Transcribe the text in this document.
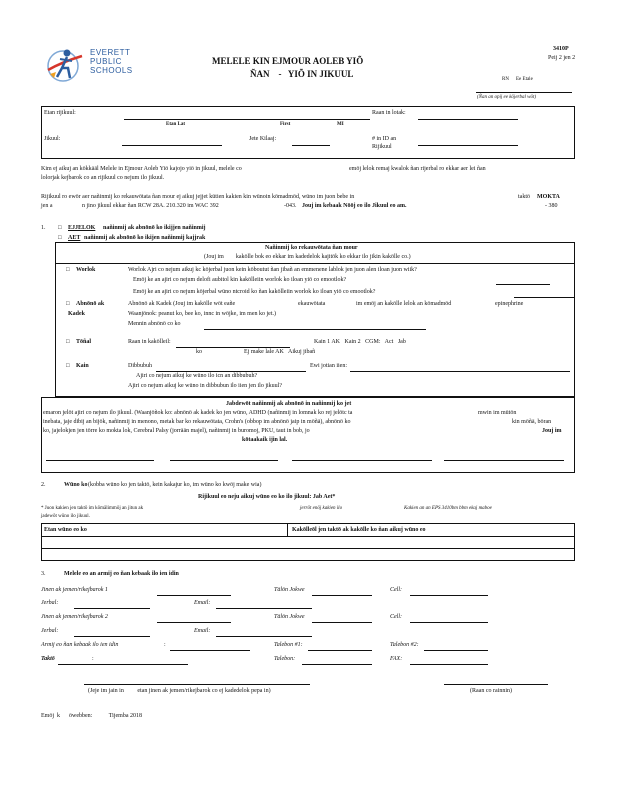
EVERETT
PUBLIC
SCHOOLS
3410P
Peij 2 jen 2
MELELE KIN EJMOUR AOLEB YIÕ
ÑAN    -   YIÕ IN JIKUUL
RN Ee Etale
(Ñan an opij ee kōjerbal wōt)
Etan rijikuul:
Etan Lat	First	MI
Raan in lotak:
Jikuul:	Jete Kilaaj:	# in ID an
Rijikuul
Kim ej aikuj an kōkkāāl Melele in Ejmour Aoleb Yiō kajojo yiō in jikuul, melele co	emōj lelok remaj kwalok ñan rijerbal ro ekkar aer lei ñan
lolorjak kejbarok co an rijikuul co nejum ilo jikuul.
Rijikuul ro ewōr aer nañinmij ko rekauwōtata ñan mour ej aikuj jejjet kūtien kakien kin wūnoin kōmadmōd, wūno im juon bebe in	taktō MOKTA
jen a	n jino jikuul ekkar ñan RCW 28A. 210.320 im WAC 392	-043. Jouj im kebaak Nōōj eo ilo Jikuul eo am.	- 380
1. □ EJJELOK nañinmij ak abnōnō ko ikijjen nañinmij
□ AET nañinmij ak abnōnō ko ikijen nañinmij kajjrak
Nañinmij ko rekauwōtata ñan mour
(Jouj im        kakōlle bok eo ekkar im kadedelok kajitōk ko ekkar ilo jikin kakōlle co.)
□ Worlok	Worlok Ajri co nejum aikuj kc kōjerbal juon kein kōboutut ñan jibañ an emmenene lablok jen juon alen iloan juon wiik?
Emōj ke an ajiri co nejum delofi aubitol kin kakōlleiin worlok ko iloan yiō co emootlok?
Emōj ke an ajiri co nejum kōjerbal wūno ntcroid ko ñan kakōlleiin worlok ko iloan yiō co emootlok?
□ Abnōnō ak
Kadek
Abnōnō ak Kadek (Jouj im kakōlle wōt eañe	ekauwōtata	im emōj an kakōlle lelok an kōmadmōd	epinephrine
Waanjōnok: peanut ko, bee ko, innc in wōjke, im men ko jet.)
Mennin abnōnō co ko
□ Tōñal	Raan in kakōlleil:	Kain 1 AK   Kain 2   CGM:   Act   Jab
ko	Ej make lale AK   Aikuj jibañ
□ Kain	Dibbubuh	Ewi jotian iien:
Ajiri co nejum aikuj ke wūno ilo icn an dibbubuh?
Ajiri co nejum aikuj ke wūno in dibbubun ilo iien jen ilo jikuul?
Jabdewōt nañinmij ak abnōnō in nañinmij ko jet
emaron jelōt ajiri co nejum ilo jikuul. (Waanjōñok ko: abnōnō ak kadek ko jen wūno, ADHD (nañinmij in lomnak ko rej jelōtc ta	mwin im mūtōn
inebata, jaje dibij an bijōk, nañinmij in menono, metak bar ko rekauwōtata, Crohn's (obbop im abnōnō jaip in mōñā), abnōnō ko	kin mōñā, bōran
ko, jajelokjen jen tōrre ko mokta lok, Cerebral Palsy (jorrāān majel), nañinmij in buromoj, PKU, taut in bob, jo	Jouj im
kōtaakaik ijin lal.
2.	Wūno ko (kobba wūno ko jen taktō, kein kakajur ko, im wūno ko kwōj make wia)
Rijikuul eo neju aikuj wūno eo ko ilo jikuul: Jab Aet*
* Juon kakien jen taktō im kōmālimmōj an jitun ak	jerrōt enōj kakien ilo	Kakien an an EPS 3410bm bbm ekaj maboe
jadewōt wūno ilo jikuul.
Etan wūno eo ko	Kakōlleōl jen taktō ak kakōlle ko ñan aikuj wūno eo
3.	Melele eo an armij eo ñan kebaak ilo ien idin
Jinen ak jemen/rikejbarok 1	Tālōn Jokwe	Cell:
Jerbal:	Email:
Jinen ak jemen/rikejbarok 2	Tālōn Jokwe	Cell:
Jerbal:	Email:
Armij eo ñan kebaak ilo ien idin	:	Talebon #1:	Talebon #2:
Taktō	:	Talebon:	FAX:
(Jeje im jain in         etan jinen ak jemen/rikejbarok co ej kadedelok pepa in)	(Raan co rainnin)
Emōj  k      ōwebben:           Tijemba 2018
